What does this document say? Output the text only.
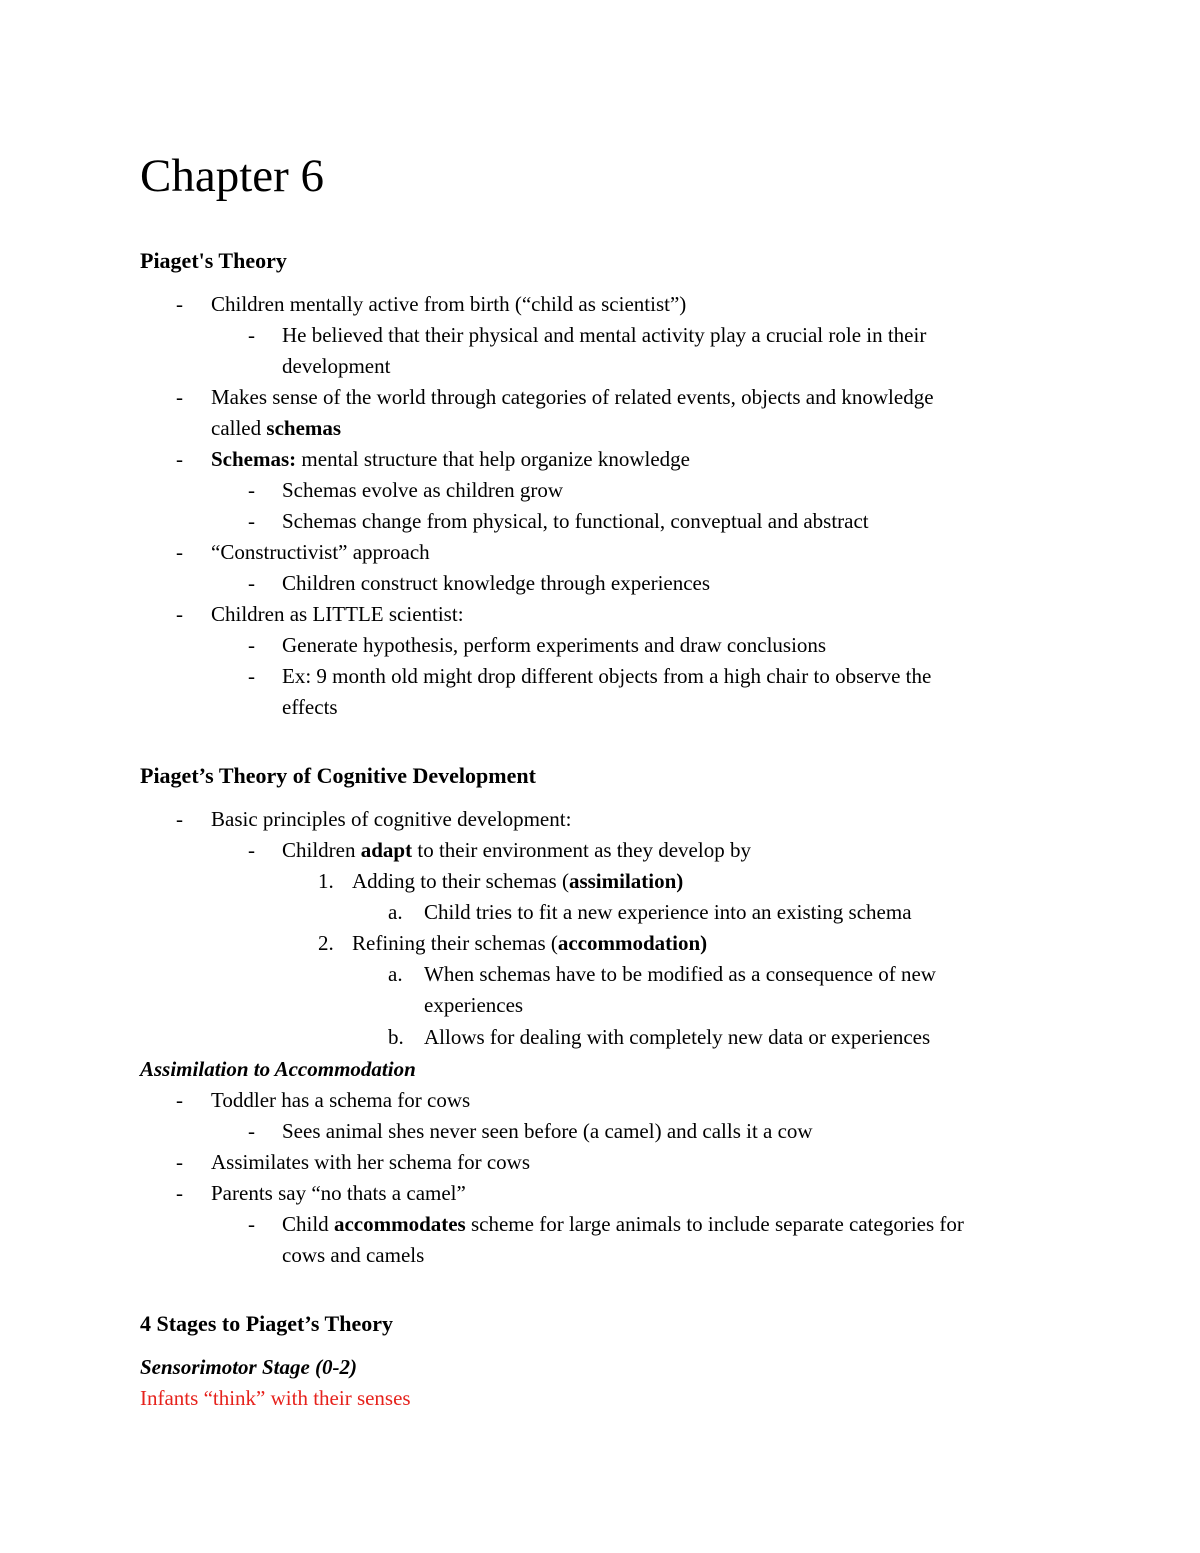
Chapter 6
Piaget's Theory
- Children mentally active from birth (“child as scientist”)
- He believed that their physical and mental activity play a crucial role in their
development
- Makes sense of the world through categories of related events, objects and knowledge
called schemas
- Schemas: mental structure that help organize knowledge
- Schemas evolve as children grow
- Schemas change from physical, to functional, conveptual and abstract
- “Constructivist” approach
- Children construct knowledge through experiences
- Children as LITTLE scientist:
- Generate hypothesis, perform experiments and draw conclusions
- Ex: 9 month old might drop different objects from a high chair to observe the
effects
Piaget’s Theory of Cognitive Development
- Basic principles of cognitive development:
- Children adapt to their environment as they develop by
1. Adding to their schemas (assimilation)
a. Child tries to fit a new experience into an existing schema
2. Refining their schemas (accommodation)
a. When schemas have to be modified as a consequence of new
experiences
b. Allows for dealing with completely new data or experiences
Assimilation to Accommodation
- Toddler has a schema for cows
- Sees animal shes never seen before (a camel) and calls it a cow
- Assimilates with her schema for cows
- Parents say “no thats a camel”
- Child accommodates scheme for large animals to include separate categories for
cows and camels
4 Stages to Piaget’s Theory
Sensorimotor Stage (0-2)
Infants “think” with their senses
